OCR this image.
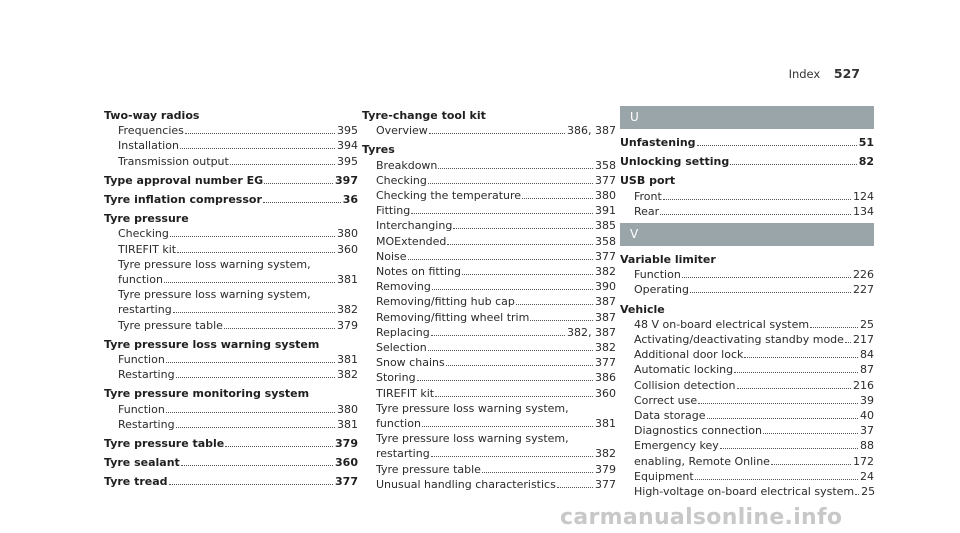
Index 527
Two-way radios
Frequencies	395
Installation	394
Transmission output	395
Type approval number EG	397
Tyre inflation compressor	36
Tyre pressure
Checking	380
TIREFIT kit	360
Tyre pressure loss warning system,
function	381
Tyre pressure loss warning system,
restarting	382
Tyre pressure table	379
Tyre pressure loss warning system
Function	381
Restarting	382
Tyre pressure monitoring system
Function	380
Restarting	381
Tyre pressure table	379
Tyre sealant	360
Tyre tread	377
Tyre-change tool kit
Overview	386, 387
Tyres
Breakdown	358
Checking	377
Checking the temperature	380
Fitting	391
Interchanging	385
MOExtended	358
Noise	377
Notes on fitting	382
Removing	390
Removing/fitting hub cap	387
Removing/fitting wheel trim	387
Replacing	382, 387
Selection	382
Snow chains	377
Storing	386
TIREFIT kit	360
Tyre pressure loss warning system,
function	381
Tyre pressure loss warning system,
restarting	382
Tyre pressure table	379
Unusual handling characteristics	377
U
Unfastening	51
Unlocking setting	82
USB port
Front	124
Rear	134
V
Variable limiter
Function	226
Operating	227
Vehicle
48 V on-board electrical system	25
Activating/deactivating standby mode 217
Additional door lock	84
Automatic locking	87
Collision detection	216
Correct use	39
Data storage	40
Diagnostics connection	37
Emergency key	88
enabling, Remote Online	172
Equipment	24
High-voltage on-board electrical system 25
carmanualsonline.info
